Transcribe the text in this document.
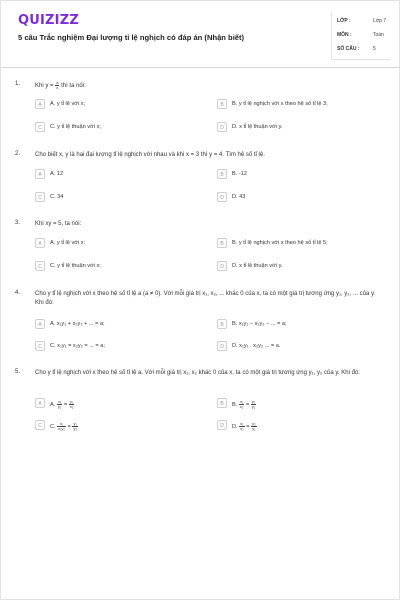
QUIZIZZ
5 câu Trắc nghiệm Đại lượng tỉ lệ nghịch có đáp án (Nhận biết)
LỚP :	Lớp 7
MÔN :	Toán
SỐ CÂU :	5
1. Khi $y = \frac{a}{x}$ thì ta nói:
A	A. y tỉ lệ với x;	B	B. y tỉ lệ nghịch với x theo hệ số tỉ lệ 3;
C	C. y tỉ lệ thuận với x;	D	D. x tỉ lệ thuận với y.
2. Cho biết x, y là hai đại lượng tỉ lệ nghịch với nhau và khi x = 3 thì y = 4. Tìm hệ số tỉ lệ.
A	A. 12	B	B. -12
C	C. 34	D	D. 43
3. Khi xy = 5, ta nói:
A	A. y tỉ lệ với x;	B	B. y tỉ lệ nghịch với x theo hệ số tỉ lệ 5;
C	C. y tỉ lệ thuận với x;	D	D. x tỉ lệ thuận với y.
4. Cho y tỉ lệ nghịch với x theo hệ số tỉ lệ a (a ≠ 0). Với mỗi giá trị x₁, x₂, ... khác 0 của x, ta có một giá trị tương ứng y₁, y₂, ... của y. Khi đó:
A	A. x₁y₁ + x₂y₂ + ... = a;	B	B. x₁y₁ − x₂y₂ − ... = a;
C	C. x₁y₁ = x₂y₂ = ... = a;	D	D. x₁y₁ . x₂y₂ ... = a.
5. Cho y tỉ lệ nghịch với x theo hệ số tỉ lệ a. Với mỗi giá trị x₁, x₂ khác 0 của x, ta có một giá trị tương ứng y₁, y₂ của y. Khi đó:
A	A. $\frac{\text{x₁}}{\text{y₂}} = \frac{\text{y₁}}{\text{x₂}}$	B	B. $\frac{\text{x₁}}{\text{x₂}} = \frac{\text{y₁}}{\text{y₂}}$
C	C. $\frac{\text{x₁}}{\text{x₁y₂}} = \frac{\text{y₁}}{\text{y₂}}$	D	D. $\frac{\text{x₁}}{\text{x₂}} = \frac{\text{y₂}}{\text{y₁}}$
